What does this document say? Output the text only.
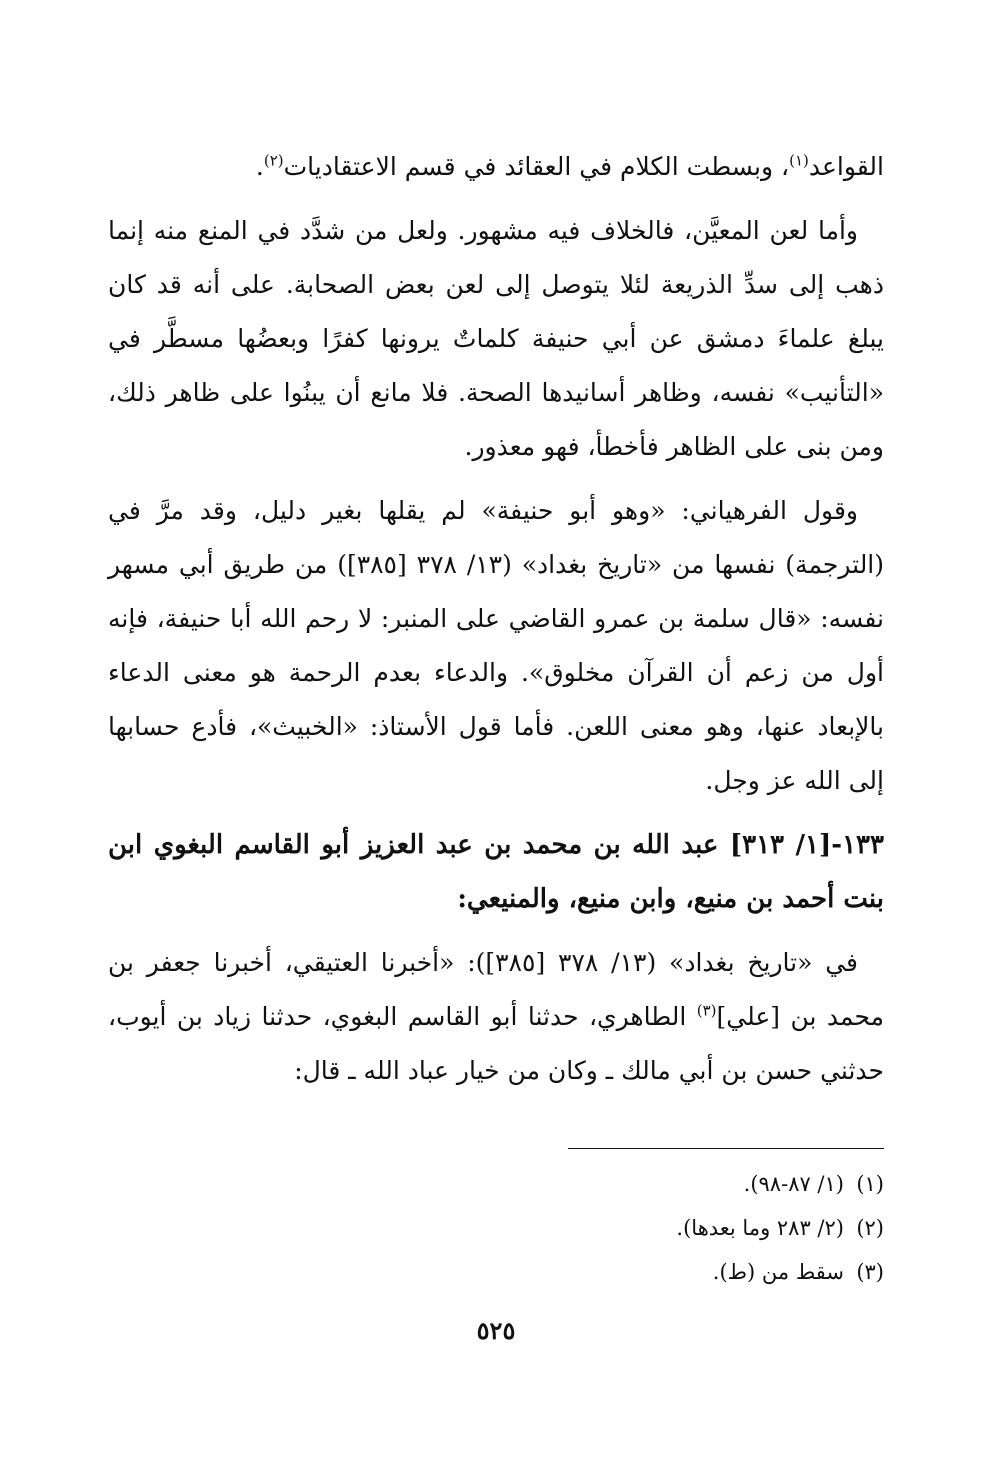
القواعد$^{(١)}$، وبسطت الكلام في العقائد في قسم الاعتقاديات$^{(٢)}$.

وأما لعن المعيَّن، فالخلاف فيه مشهور. ولعل من شدَّد في المنع منه إنما ذهب إلى سدِّ الذريعة لئلا يتوصل إلى لعن بعض الصحابة. على أنه قد كان يبلغ علماءَ دمشق عن أبي حنيفة كلماتٌ يرونها كفرًا وبعضُها مسطَّر في «التأنيب» نفسه، وظاهر أسانيدها الصحة. فلا مانع أن يبنُوا على ظاهر ذلك، ومن بنى على الظاهر فأخطأ، فهو معذور.

وقول الفرهياني: «وهو أبو حنيفة» لم يقلها بغير دليل، وقد مرَّ في (الترجمة) نفسها من «تاريخ بغداد» (١٣/ ٣٧٨ [٣٨٥]) من طريق أبي مسهر نفسه: «قال سلمة بن عمرو القاضي على المنبر: لا رحم الله أبا حنيفة، فإنه أول من زعم أن القرآن مخلوق». والدعاء بعدم الرحمة هو معنى الدعاء بالإبعاد عنها، وهو معنى اللعن. فأما قول الأستاذ: «الخبيث»، فأدع حسابها إلى الله عز وجل.

١٣٣-[١/ ٣١٣] عبد الله بن محمد بن عبد العزيز أبو القاسم البغوي ابن بنت أحمد بن منيع، وابن منيع، والمنيعي:

في «تاريخ بغداد» (١٣/ ٣٧٨ [٣٨٥]): «أخبرنا العتيقي، أخبرنا جعفر بن محمد بن [علي]$^{(٣)}$ الطاهري، حدثنا أبو القاسم البغوي، حدثنا زياد بن أيوب، حدثني حسن بن أبي مالك ـ وكان من خيار عباد الله ـ قال:

(١)(١/ ٨٧-٩٨).

(٢)(٢/ ٢٨٣ وما بعدها).

(٣)سقط من (ط).

٥٢٥
